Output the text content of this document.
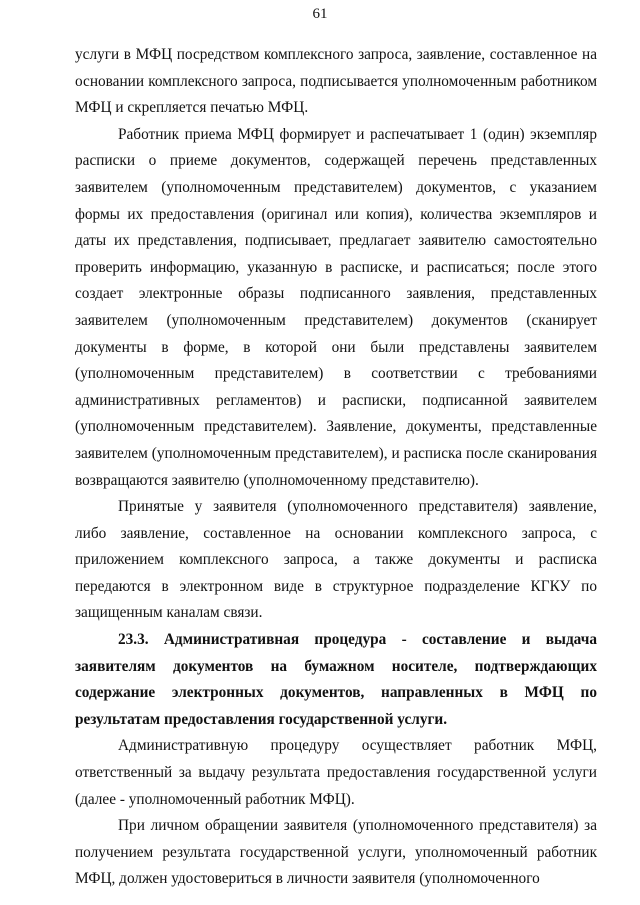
61

услуги в МФЦ посредством комплексного запроса, заявление, составленное на основании комплексного запроса, подписывается уполномоченным работником МФЦ и скрепляется печатью МФЦ.

Работник приема МФЦ формирует и распечатывает 1 (один) экземпляр расписки о приеме документов, содержащей перечень представленных заявителем (уполномоченным представителем) документов, с указанием формы их предоставления (оригинал или копия), количества экземпляров и даты их представления, подписывает, предлагает заявителю самостоятельно проверить информацию, указанную в расписке, и расписаться; после этого создает электронные образы подписанного заявления, представленных заявителем (уполномоченным представителем) документов (сканирует документы в форме, в которой они были представлены заявителем (уполномоченным представителем) в соответствии с требованиями административных регламентов) и расписки, подписанной заявителем (уполномоченным представителем). Заявление, документы, представленные заявителем (уполномоченным представителем), и расписка после сканирования возвращаются заявителю (уполномоченному представителю).

Принятые у заявителя (уполномоченного представителя) заявление, либо заявление, составленное на основании комплексного запроса, с приложением комплексного запроса, а также документы и расписка передаются в электронном виде в структурное подразделение КГКУ по защищенным каналам связи.

23.3. Административная процедура - составление и выдача заявителям документов на бумажном носителе, подтверждающих содержание электронных документов, направленных в МФЦ по результатам предоставления государственной услуги.

Административную процедуру осуществляет работник МФЦ, ответственный за выдачу результата предоставления государственной услуги (далее - уполномоченный работник МФЦ).

При личном обращении заявителя (уполномоченного представителя) за получением результата государственной услуги, уполномоченный работник МФЦ, должен удостовериться в личности заявителя (уполномоченного
